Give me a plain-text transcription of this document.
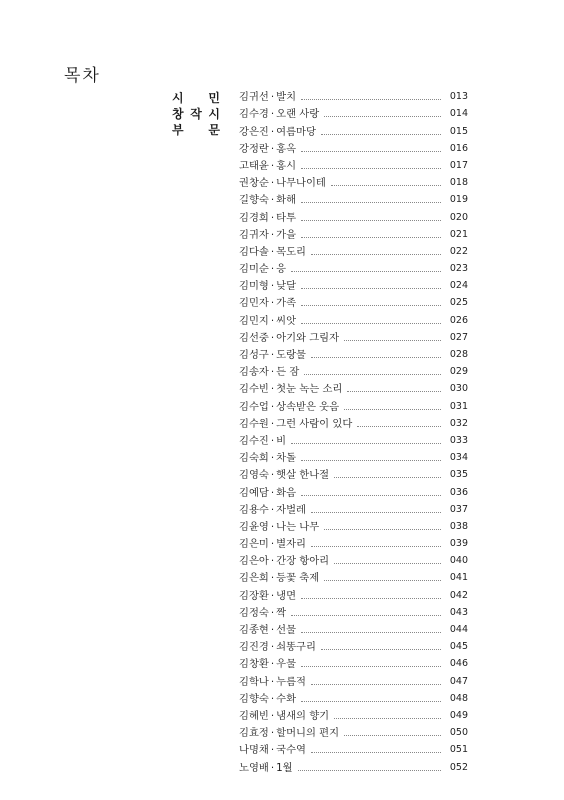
목차
시 민
창 작 시
부 문
김귀선 · 발치	013
김수경 · 오랜 사랑	014
강은진 · 여름마당	015
강정란 · 홍옥	016
고태윤 · 홍시	017
권창순 · 나무나이테	018
길향숙 · 화해	019
김경희 · 타투	020
김귀자 · 가을	021
김다솔 · 목도리	022
김미순 · 응	023
김미형 · 낮달	024
김민자 · 가족	025
김민지 · 씨앗	026
김선중 · 아기와 그림자	027
김성구 · 도랑물	028
김송자 · 든 잠	029
김수빈 · 첫눈 녹는 소리	030
김수업 · 상속받은 웃음	031
김수원 · 그런 사람이 있다	032
김수진 · 비	033
김숙희 · 차돌	034
김영숙 · 햇살 한나절	035
김예담 · 화음	036
김용수 · 자벌레	037
김윤영 · 나는 나무	038
김은미 · 별자리	039
김은아 · 간장 항아리	040
김은희 · 등꽃 축제	041
김장환 · 냉면	042
김정숙 · 짝	043
김종현 · 선물	044
김진경 · 쇠똥구리	045
김창환 · 우물	046
김학나 · 누름적	047
김향숙 · 수화	048
김혜빈 · 냄새의 향기	049
김효정 · 할머니의 편지	050
나명채 · 국수역	051
노영배 · 1월	052
